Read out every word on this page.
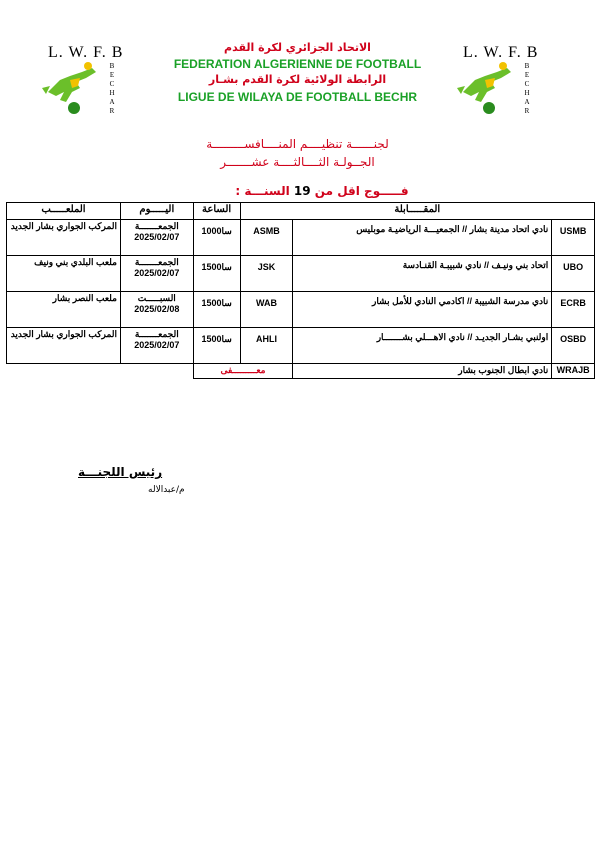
L. W. F. B
B E C H A R
L. W. F. B
B E C H A R
الاتحاد الجزائري لكرة القدم
FEDERATION ALGERIENNE DE FOOTBALL
الرابطة الولائية لكرة القدم بشـار
LIGUE DE WILAYA DE FOOTBALL BECHR
لجنــــــة تنظيــــم المنــــافســـــــــة
الجــولـة الثــــالثــــة عشـــــــر
فـــــوج اقل من 19 السنـــة :
الملعـــــب	اليـــــوم	الساعة	المقـــــابلة		
المركب الجواري بشار الجديد	الجمعـــــــة
2025/02/07	10سا00	ASMB	نادي اتحاد مدينة بشار // الجمعيـــة الرياضيـة موبليس	USMB
ملعب البلدي بني ونيف	الجمعـــــــة
2025/02/07	15سا00	JSK	اتحاد بني ونيـف // نادي شبيبـة القنـادسة	UBO
ملعب النصر بشار	السبـــــت
2025/02/08	15سا00	WAB	نادي مدرسة الشبيبة // اكادمي النادي للأمل بشار	ECRB
المركب الجواري بشار الجديد	الجمعـــــــة
2025/02/07	15سا00	AHLI	اولنبي بشـار الجديـد // نادي الاهـــلي بشـــــــار	OSBD
		معـــــــــفى		نادي ابطال الجنوب بشار	WRAJB
رئيس اللجنـــة
م/عبدالاله
